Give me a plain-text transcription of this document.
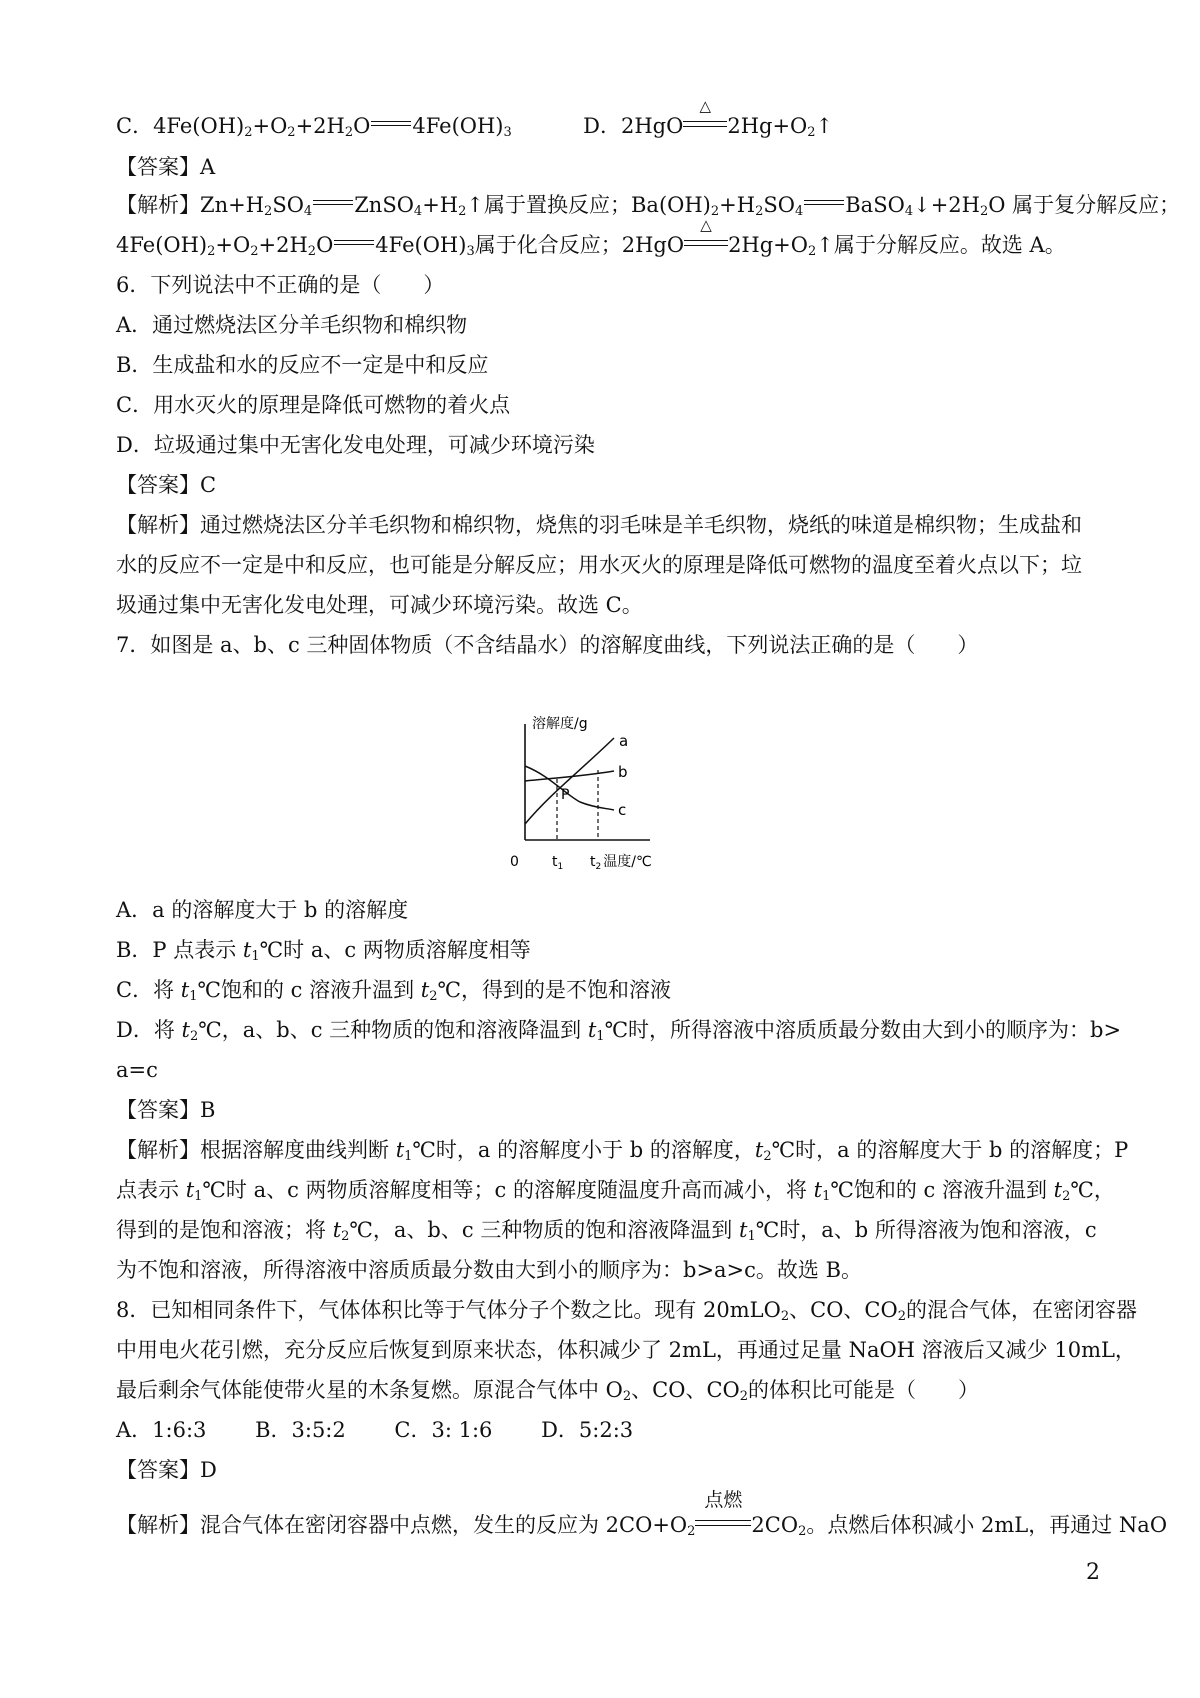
C．$4Fe(OH)_2+O_2+2H_2O$ $4Fe(OH)_3$	D．2HgO
△
$2Hg+O_2↑$
【答案】A
【解析】$Zn+H_2SO_4$ $ZnSO_4+H_2↑$属于置换反应；$Ba(OH)_2+H_2SO_4$ $BaSO_4↓+2H_2O$ 属于复分解反应；
$4Fe(OH)_2+O_2+2H_2O$ $4Fe(OH)_3$属于化合反应；2HgO
△
$2Hg+O_2↑$属于分解反应。故选 A。
6．下列说法中不正确的是（　　）
A．通过燃烧法区分羊毛织物和棉织物
B．生成盐和水的反应不一定是中和反应
C．用水灭火的原理是降低可燃物的着火点
D．垃圾通过集中无害化发电处理，可减少环境污染
【答案】C
【解析】通过燃烧法区分羊毛织物和棉织物，烧焦的羽毛味是羊毛织物，烧纸的味道是棉织物；生成盐和
水的反应不一定是中和反应，也可能是分解反应；用水灭火的原理是降低可燃物的温度至着火点以下；垃
圾通过集中无害化发电处理，可减少环境污染。故选 C。
7．如图是 a、b、c 三种固体物质（不含结晶水）的溶解度曲线，下列说法正确的是（　　）
溶解度/g
$t_2$ 温度/℃
0 $t_1$
P
a
b
c
A．a 的溶解度大于 b 的溶解度
B．P 点表示 $t_1℃$时 a、c 两物质溶解度相等
C．将 $t_1℃$饱和的 c 溶液升温到 $t_2℃$，得到的是不饱和溶液
D．将 $t_2℃$，a、b、c 三种物质的饱和溶液降温到 $t_1℃$时，所得溶液中溶质质最分数由大到小的顺序为：b>
a=c
【答案】B
【解析】根据溶解度曲线判断 $t_1℃$时，a 的溶解度小于 b 的溶解度，$t_2℃$时，a 的溶解度大于 b 的溶解度；P
点表示 $t_1℃$时 a、c 两物质溶解度相等；c 的溶解度随温度升高而减小，将 $t_1℃$饱和的 c 溶液升温到 $t_2℃$，
得到的是饱和溶液；将 $t_2℃$，a、b、c 三种物质的饱和溶液降温到 $t_1℃$时，a、b 所得溶液为饱和溶液，c
为不饱和溶液，所得溶液中溶质质最分数由大到小的顺序为：b>a>c。故选 B。
8．已知相同条件下，气体体积比等于气体分子个数之比。现有 20mLO$_2$、CO、$CO_2$的混合气体，在密闭容器
中用电火花引燃，充分反应后恢复到原来状态，体积减少了 2mL，再通过足量 NaOH 溶液后又减少 10mL，
最后剩余气体能使带火星的木条复燃。原混合气体中 $O_2$、CO、$CO_2$的体积比可能是（　　）
A．1:6:3　　 B．3:5:2　　 C．3: 1:6　　 D．5:2:3
【答案】D
【解析】混合气体在密闭容器中点燃，发生的反应为 $2CO+O_2$
点燃
$2CO_2$。点燃后体积减小 2mL，再通过 NaO
2
